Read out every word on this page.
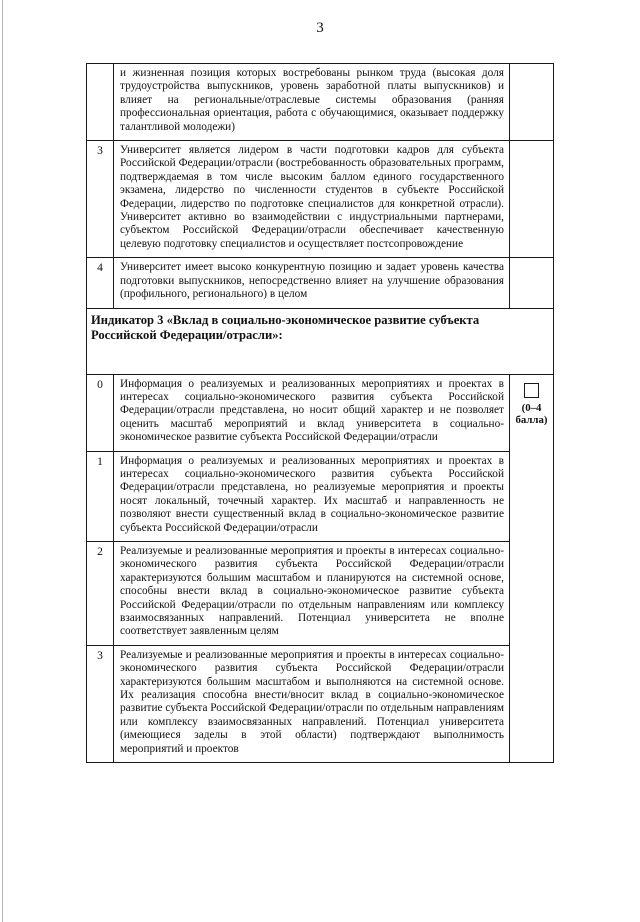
3
	и жизненная позиция которых востребованы рынком труда (высокая доля трудоустройства выпускников, уровень заработной платы выпускников) и влияет на региональные/отраслевые системы образования (ранняя профессиональная ориентация, работа с обучающимися, оказывает поддержку талантливой молодежи)	
3	Университет является лидером в части подготовки кадров для субъекта Российской Федерации/отрасли (востребованность образовательных программ, подтверждаемая в том числе высоким баллом единого государственного экзамена, лидерство по численности студентов в субъекте Российской Федерации, лидерство по подготовке специалистов для конкретной отрасли). Университет активно во взаимодействии с индустриальными партнерами, субъектом Российской Федерации/отрасли обеспечивает качественную целевую подготовку специалистов и осуществляет постсопровождение	
4	Университет имеет высоко конкурентную позицию и задает уровень качества подготовки выпускников, непосредственно влияет на улучшение образования (профильного, регионального) в целом	
Индикатор 3 «Вклад в социально-экономическое развитие субъекта Российской Федерации/отрасли»:		
0	Информация о реализуемых и реализованных мероприятиях и проектах в интересах социально-экономического развития субъекта Российской Федерации/отрасли представлена, но носит общий характер и не позволяет оценить масштаб мероприятий и вклад университета в социально-экономическое развитие субъекта Российской Федерации/отрасли	(0–4 балла)

1	Информация о реализуемых и реализованных мероприятиях и проектах в интересах социально-экономического развития субъекта Российской Федерации/отрасли представлена, но реализуемые мероприятия и проекты носят локальный, точечный характер. Их масштаб и направленность не позволяют внести существенный вклад в социально-экономическое развитие субъекта Российской Федерации/отрасли	
2	Реализуемые и реализованные мероприятия и проекты в интересах социально-экономического развития субъекта Российской Федерации/отрасли характеризуются большим масштабом и планируются на системной основе, способны внести вклад в социально-экономическое развитие субъекта Российской Федерации/отрасли по отдельным направлениям или комплексу взаимосвязанных направлений. Потенциал университета не вполне соответствует заявленным целям	
3	Реализуемые и реализованные мероприятия и проекты в интересах социально-экономического развития субъекта Российской Федерации/отрасли характеризуются большим масштабом и выполняются на системной основе. Их реализация способна внести/вносит вклад в социально-экономическое развитие субъекта Российской Федерации/отрасли по отдельным направлениям или комплексу взаимосвязанных направлений. Потенциал университета (имеющиеся заделы в этой области) подтверждают выполнимость мероприятий и проектов	
